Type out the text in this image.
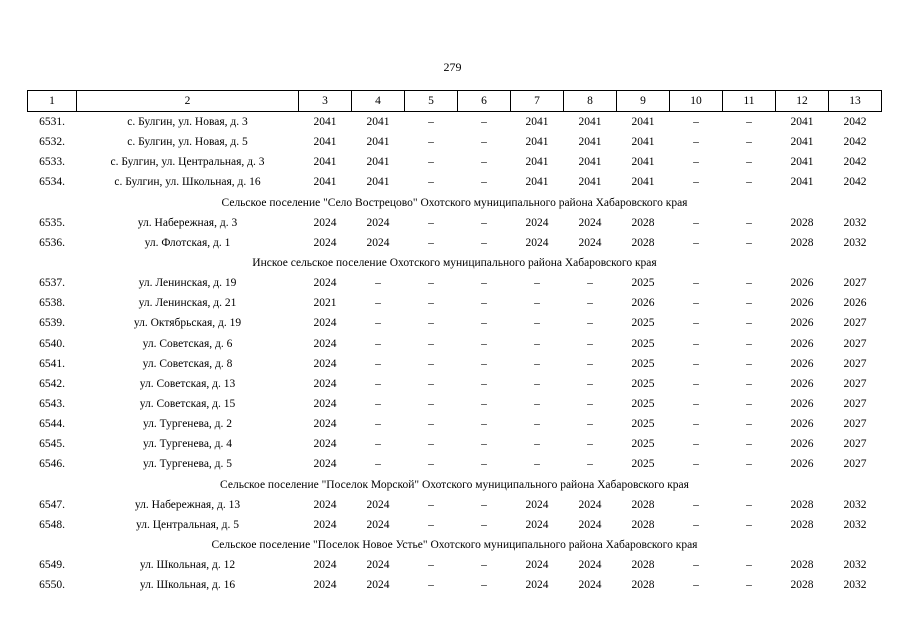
279
1	2	3	4	5	6	7	8	9	10	11	12	13
6531.	с. Булгин, ул. Новая, д. 3	2041	2041	–	–	2041	2041	2041	–	–	2041	2042
6532.	с. Булгин, ул. Новая, д. 5	2041	2041	–	–	2041	2041	2041	–	–	2041	2042
6533.	с. Булгин, ул. Центральная, д. 3	2041	2041	–	–	2041	2041	2041	–	–	2041	2042
6534.	с. Булгин, ул. Школьная, д. 16	2041	2041	–	–	2041	2041	2041	–	–	2041	2042
Сельское поселение "Село Вострецово" Охотского муниципального района Хабаровского края												
6535.	ул. Набережная, д. 3	2024	2024	–	–	2024	2024	2028	–	–	2028	2032
6536.	ул. Флотская, д. 1	2024	2024	–	–	2024	2024	2028	–	–	2028	2032
Инское сельское поселение Охотского муниципального района Хабаровского края												
6537.	ул. Ленинская, д. 19	2024	–	–	–	–	–	2025	–	–	2026	2027
6538.	ул. Ленинская, д. 21	2021	–	–	–	–	–	2026	–	–	2026	2026
6539.	ул. Октябрьская, д. 19	2024	–	–	–	–	–	2025	–	–	2026	2027
6540.	ул. Советская, д. 6	2024	–	–	–	–	–	2025	–	–	2026	2027
6541.	ул. Советская, д. 8	2024	–	–	–	–	–	2025	–	–	2026	2027
6542.	ул. Советская, д. 13	2024	–	–	–	–	–	2025	–	–	2026	2027
6543.	ул. Советская, д. 15	2024	–	–	–	–	–	2025	–	–	2026	2027
6544.	ул. Тургенева, д. 2	2024	–	–	–	–	–	2025	–	–	2026	2027
6545.	ул. Тургенева, д. 4	2024	–	–	–	–	–	2025	–	–	2026	2027
6546.	ул. Тургенева, д. 5	2024	–	–	–	–	–	2025	–	–	2026	2027
Сельское поселение "Поселок Морской" Охотского муниципального района Хабаровского края												
6547.	ул. Набережная, д. 13	2024	2024	–	–	2024	2024	2028	–	–	2028	2032
6548.	ул. Центральная, д. 5	2024	2024	–	–	2024	2024	2028	–	–	2028	2032
Сельское поселение "Поселок Новое Устье" Охотского муниципального района Хабаровского края												
6549.	ул. Школьная, д. 12	2024	2024	–	–	2024	2024	2028	–	–	2028	2032
6550.	ул. Школьная, д. 16	2024	2024	–	–	2024	2024	2028	–	–	2028	2032
